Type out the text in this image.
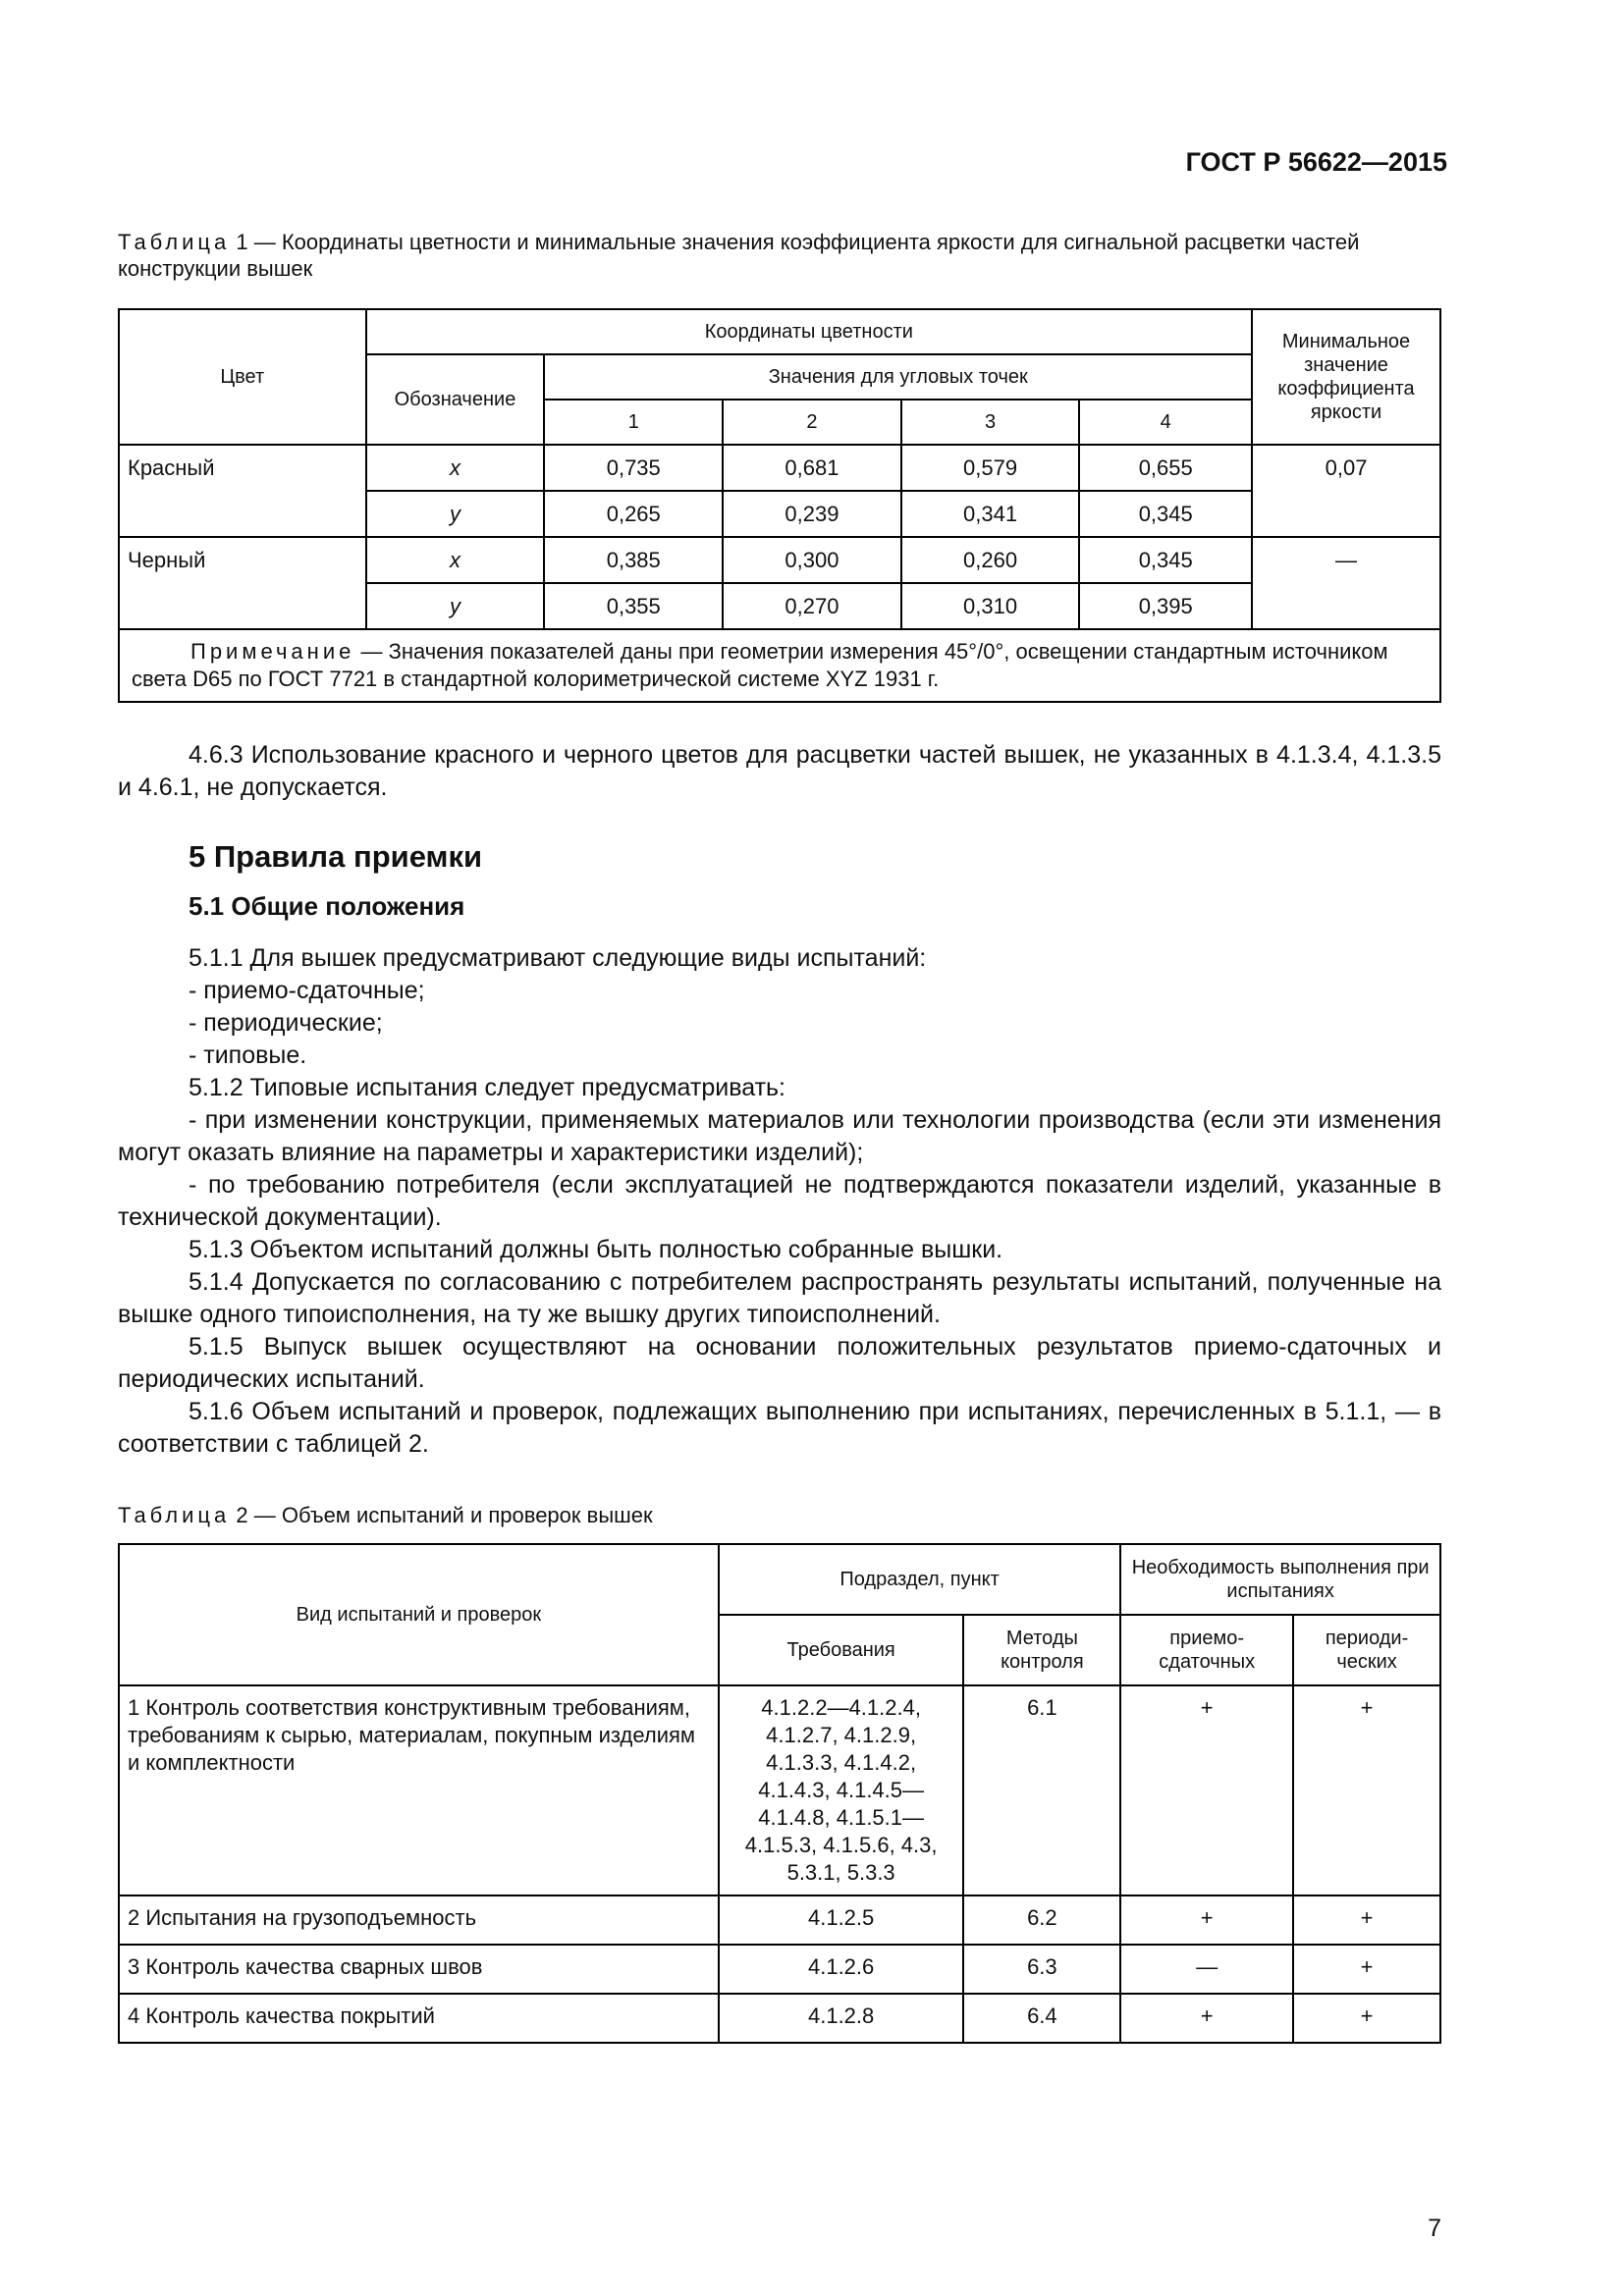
ГОСТ Р 56622—2015
Таблица 1 — Координаты цветности и минимальные значения коэффициента яркости для сигнальной расцветки частей конструкции вышек
Цвет	Координаты цветности					Минимальное значение коэффициента яркости
	Обозначение	Значения для угловых точек				
		1	2	3	4	
Красный	x	0,735	0,681	0,579	0,655	0,07
	y	0,265	0,239	0,341	0,345	
Черный	x	0,385	0,300	0,260	0,345	—
	y	0,355	0,270	0,310	0,395	
Примечание — Значения показателей даны при геометрии измерения 45°/0°, освещении стандартным источником света D65 по ГОСТ 7721 в стандартной колориметрической системе XYZ 1931 г.						

4.6.3 Использование красного и черного цветов для расцветки частей вышек, не указанных в 4.1.3.4, 4.1.3.5 и 4.6.1, не допускается.

5 Правила приемки
5.1 Общие положения

5.1.1 Для вышек предусматривают следующие виды испытаний:

- приемо-сдаточные;

- периодические;

- типовые.

5.1.2 Типовые испытания следует предусматривать:

- при изменении конструкции, применяемых материалов или технологии производства (если эти изменения могут оказать влияние на параметры и характеристики изделий);

- по требованию потребителя (если эксплуатацией не подтверждаются показатели изделий, указанные в технической документации).

5.1.3 Объектом испытаний должны быть полностью собранные вышки.

5.1.4 Допускается по согласованию с потребителем распространять результаты испытаний, полученные на вышке одного типоисполнения, на ту же вышку других типоисполнений.

5.1.5 Выпуск вышек осуществляют на основании положительных результатов приемо-сдаточных и периодических испытаний.

5.1.6 Объем испытаний и проверок, подлежащих выполнению при испытаниях, перечисленных в 5.1.1, — в соответствии с таблицей 2.

Таблица 2 — Объем испытаний и проверок вышек
Вид испытаний и проверок	Подраздел, пункт		Необходимость выполнения при испытаниях	
	Требования	Методы контроля	приемо-сдаточных	периоди-ческих
1 Контроль соответствия конструктивным требованиям, требованиям к сырью, материалам, покупным изделиям и комплектности	4.1.2.2—4.1.2.4, 4.1.2.7, 4.1.2.9, 4.1.3.3, 4.1.4.2, 4.1.4.3, 4.1.4.5—4.1.4.8, 4.1.5.1—4.1.5.3, 4.1.5.6, 4.3, 5.3.1, 5.3.3	6.1	+	+
2 Испытания на грузоподъемность	4.1.2.5	6.2	+	+
3 Контроль качества сварных швов	4.1.2.6	6.3	—	+
4 Контроль качества покрытий	4.1.2.8	6.4	+	+
7
